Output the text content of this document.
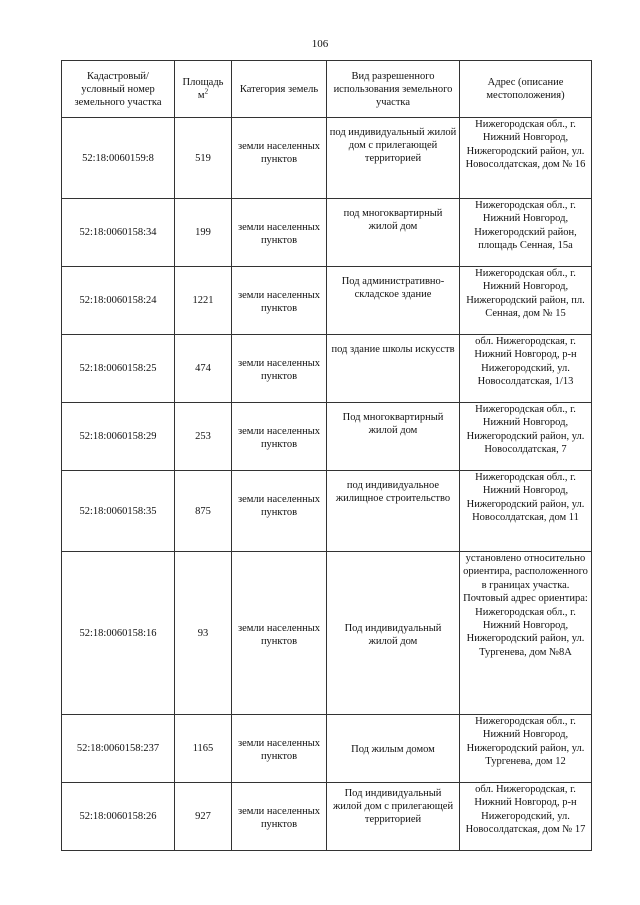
106
Кадастровый/ условный номер земельного участка	Площадь $м^2$	Категория земель	Вид разрешенного использования земельного участка	Адрес (описание местоположения)
52:18:0060159:8	519	земли населенных пунктов	под индивидуальный жилой дом с прилегающей территорией	Нижегородская обл., г. Нижний Новгород, Нижегородский район, ул. Новосолдатская, дом № 16
52:18:0060158:34	199	земли населенных пунктов	под многоквартирный жилой дом	Нижегородская обл., г. Нижний Новгород, Нижегородский район, площадь Сенная, 15а
52:18:0060158:24	1221	земли населенных пунктов	Под административно-складское здание	Нижегородская обл., г. Нижний Новгород, Нижегородский район, пл. Сенная, дом № 15
52:18:0060158:25	474	земли населенных пунктов	под здание школы искусств	обл. Нижегородская, г. Нижний Новгород, р-н Нижегородский, ул. Новосолдатская, 1/13
52:18:0060158:29	253	земли населенных пунктов	Под многоквартирный жилой дом	Нижегородская обл., г. Нижний Новгород, Нижегородский район, ул. Новосолдатская, 7
52:18:0060158:35	875	земли населенных пунктов	под индивидуальное жилищное строительство	Нижегородская обл., г. Нижний Новгород, Нижегородский район, ул. Новосолдатская, дом 11
52:18:0060158:16	93	земли населенных пунктов	Под индивидуальный жилой дом	установлено относительно ориентира, расположенного в границах участка. Почтовый адрес ориентира: Нижегородская обл., г. Нижний Новгород, Нижегородский район, ул. Тургенева, дом №8А
52:18:0060158:237	1165	земли населенных пунктов	Под жилым домом	Нижегородская обл., г. Нижний Новгород, Нижегородский район, ул. Тургенева, дом 12
52:18:0060158:26	927	земли населенных пунктов	Под индивидуальный жилой дом с прилегающей территорией	обл. Нижегородская, г. Нижний Новгород, р-н Нижегородский, ул. Новосолдатская, дом № 17
